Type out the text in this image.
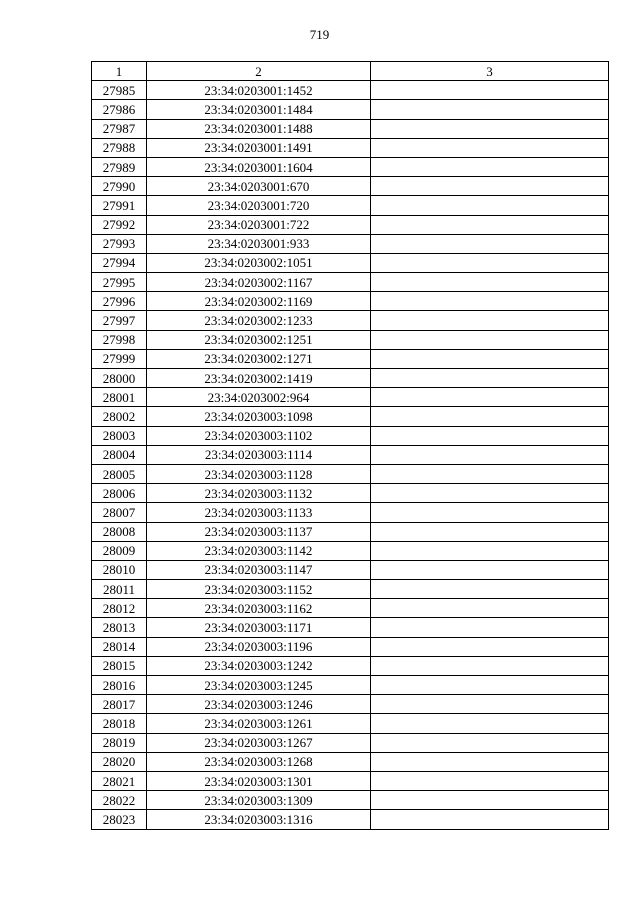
719
1	2	3
27985	23:34:0203001:1452	
27986	23:34:0203001:1484	
27987	23:34:0203001:1488	
27988	23:34:0203001:1491	
27989	23:34:0203001:1604	
27990	23:34:0203001:670	
27991	23:34:0203001:720	
27992	23:34:0203001:722	
27993	23:34:0203001:933	
27994	23:34:0203002:1051	
27995	23:34:0203002:1167	
27996	23:34:0203002:1169	
27997	23:34:0203002:1233	
27998	23:34:0203002:1251	
27999	23:34:0203002:1271	
28000	23:34:0203002:1419	
28001	23:34:0203002:964	
28002	23:34:0203003:1098	
28003	23:34:0203003:1102	
28004	23:34:0203003:1114	
28005	23:34:0203003:1128	
28006	23:34:0203003:1132	
28007	23:34:0203003:1133	
28008	23:34:0203003:1137	
28009	23:34:0203003:1142	
28010	23:34:0203003:1147	
28011	23:34:0203003:1152	
28012	23:34:0203003:1162	
28013	23:34:0203003:1171	
28014	23:34:0203003:1196	
28015	23:34:0203003:1242	
28016	23:34:0203003:1245	
28017	23:34:0203003:1246	
28018	23:34:0203003:1261	
28019	23:34:0203003:1267	
28020	23:34:0203003:1268	
28021	23:34:0203003:1301	
28022	23:34:0203003:1309	
28023	23:34:0203003:1316	
